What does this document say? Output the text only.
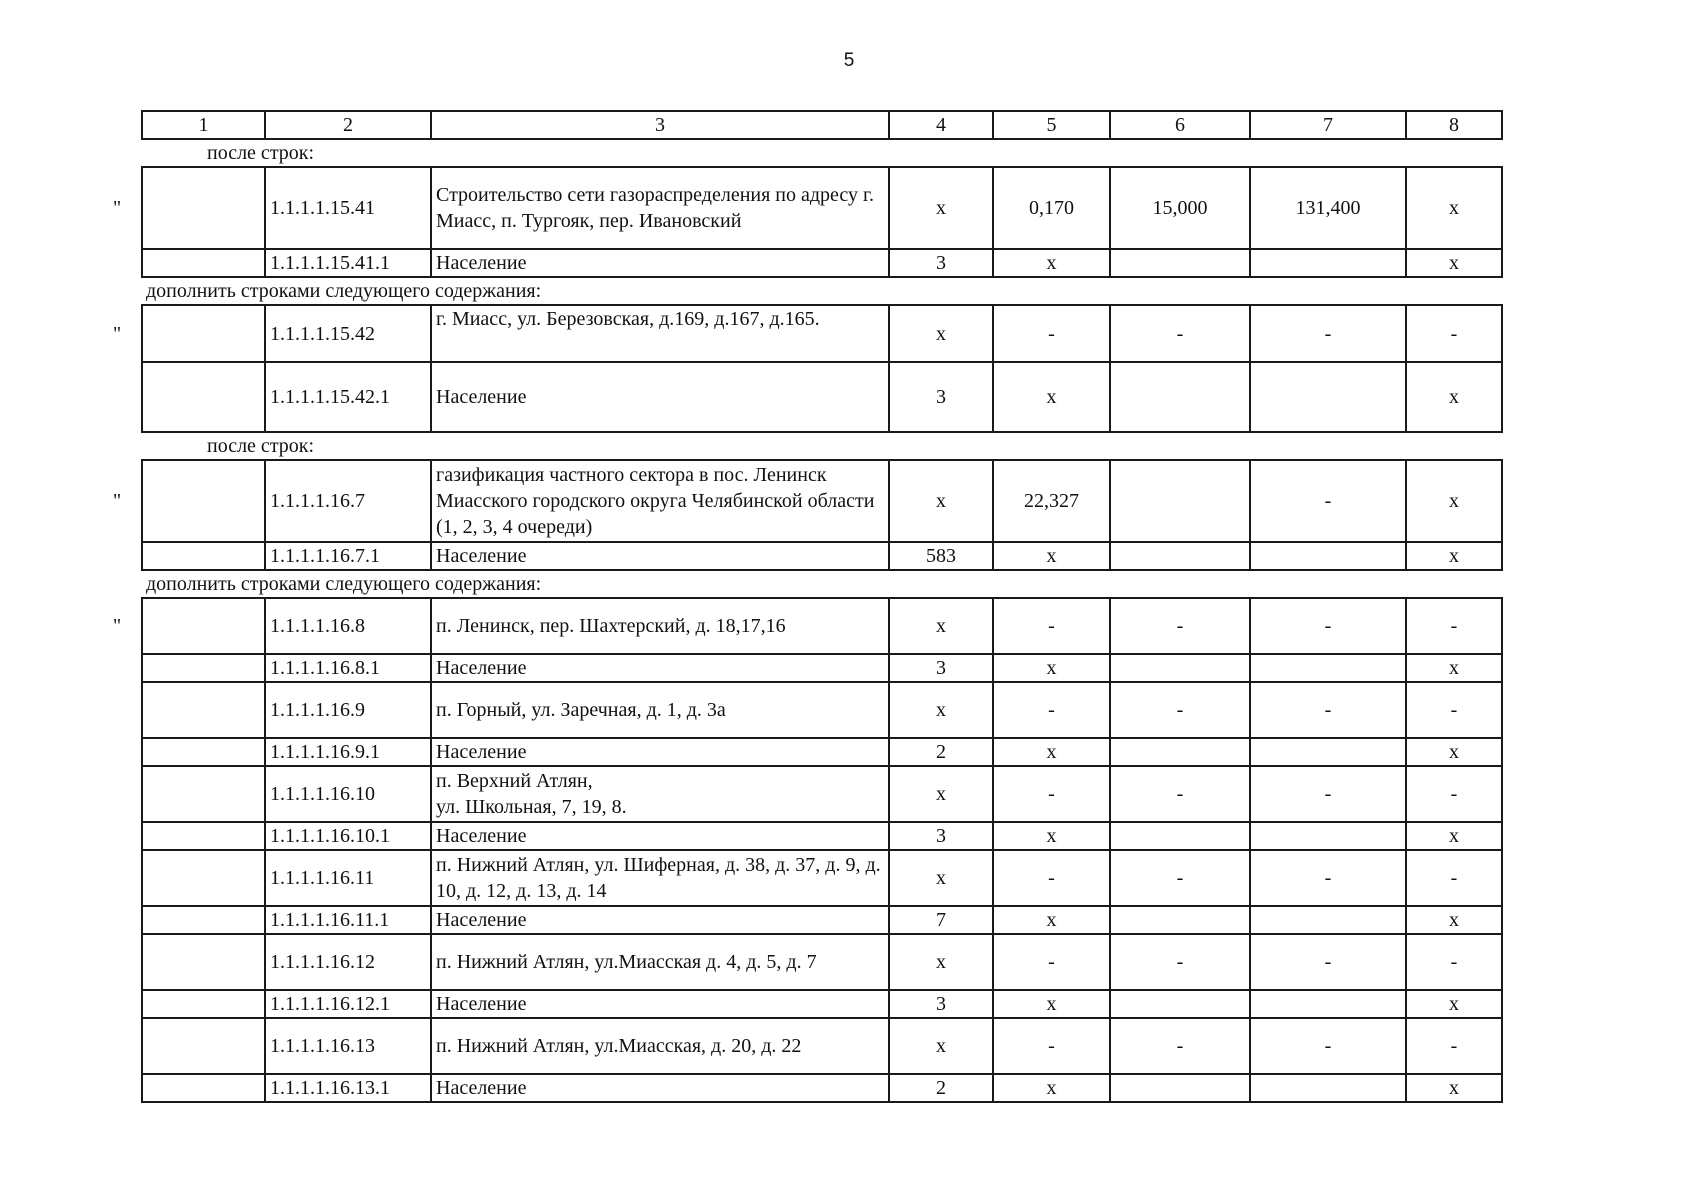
5
1	2	3	4	5	6	7	8
после строк:							

"	1.1.1.1.15.41	Строительство сети газораспределения по адресу г. Миасс, п. Тургояк, пер. Ивановский	x	0,170	15,000	131,400	x
	1.1.1.1.15.41.1	Население	3	x			x
дополнить строками следующего содержания:							

"	1.1.1.1.15.42	г. Миасс, ул. Березовская, д.169, д.167, д.165.	x	-	-	-	-
	1.1.1.1.15.42.1	Население	3	x			x
после строк:							

"	1.1.1.1.16.7	газификация частного сектора в пос. Ленинск Миасского городского округа Челябинской области (1, 2, 3, 4 очереди)	x	22,327		-	x
	1.1.1.1.16.7.1	Население	583	x			x
дополнить строками следующего содержания:							

"	1.1.1.1.16.8	п. Ленинск, пер. Шахтерский, д. 18,17,16	x	-	-	-	-
	1.1.1.1.16.8.1	Население	3	x			x
	1.1.1.1.16.9	п. Горный, ул. Заречная, д. 1, д. 3а	x	-	-	-	-
	1.1.1.1.16.9.1	Население	2	x			x
	1.1.1.1.16.10	п. Верхний Атлян,
ул. Школьная, 7, 19, 8.	x	-	-	-	-
	1.1.1.1.16.10.1	Население	3	x			x
	1.1.1.1.16.11	п. Нижний Атлян, ул. Шиферная, д. 38, д. 37, д. 9, д. 10, д. 12, д. 13, д. 14	x	-	-	-	-
	1.1.1.1.16.11.1	Население	7	x			x
	1.1.1.1.16.12	п. Нижний Атлян, ул.Миасская д. 4, д. 5, д. 7	x	-	-	-	-
	1.1.1.1.16.12.1	Население	3	x			x
	1.1.1.1.16.13	п. Нижний Атлян, ул.Миасская, д. 20, д. 22	x	-	-	-	-
	1.1.1.1.16.13.1	Население	2	x			x
